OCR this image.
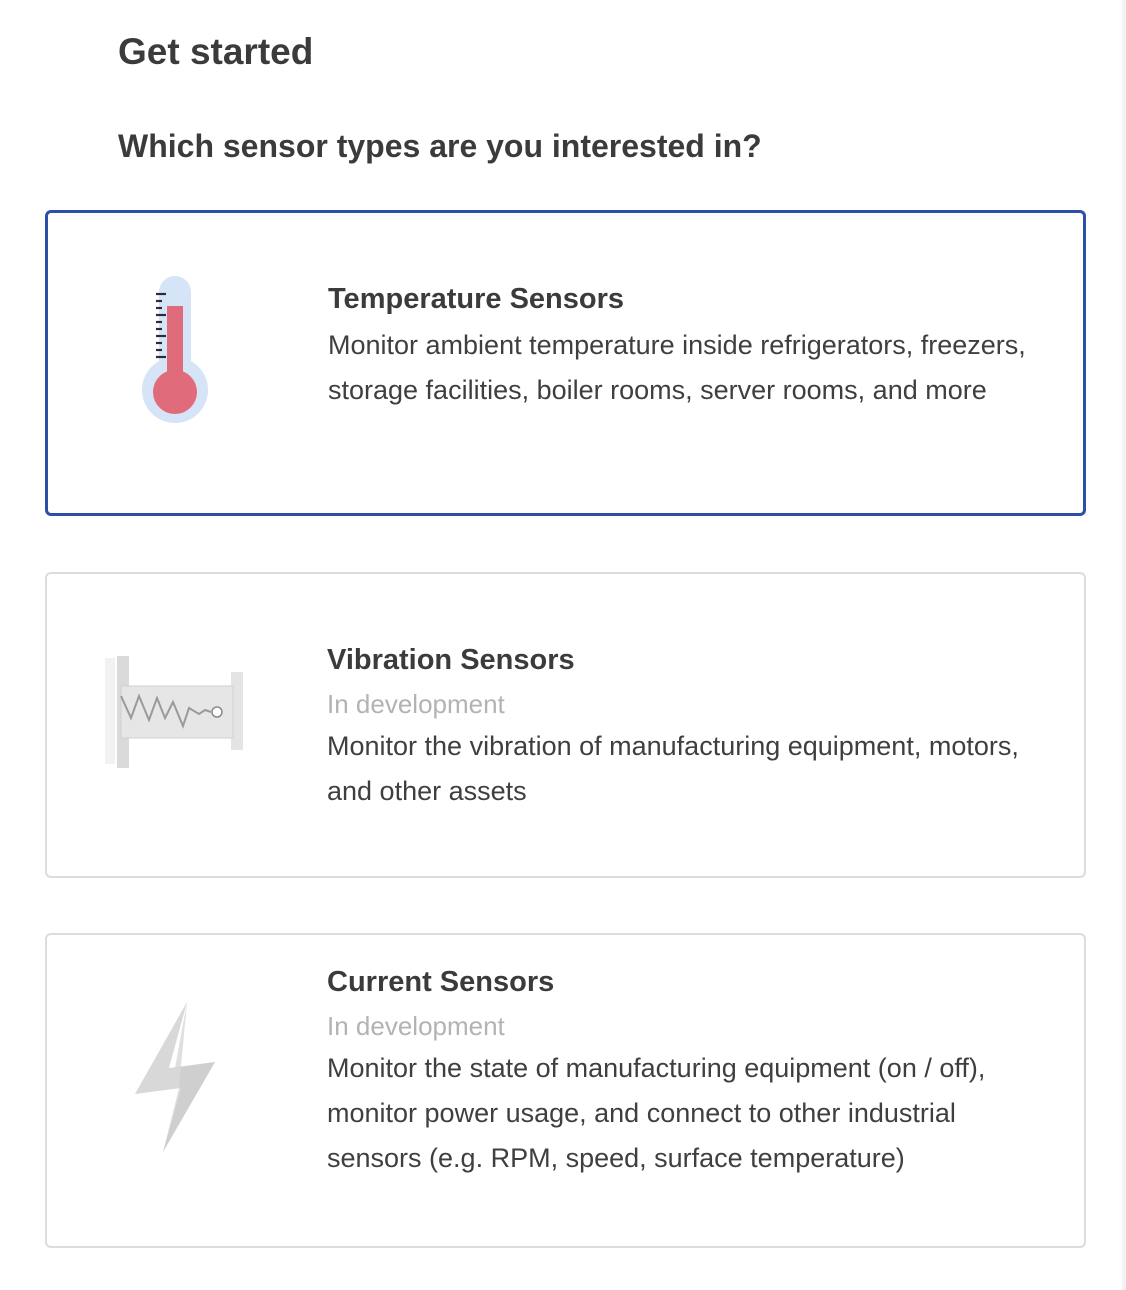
Get started
Which sensor types are you interested in?

Temperature Sensors

Monitor ambient temperature inside refrigerators, freezers, storage facilities, boiler rooms, server rooms, and more

Vibration Sensors

In development

Monitor the vibration of manufacturing equipment, motors, and other assets

Current Sensors

In development

Monitor the state of manufacturing equipment (on / off), monitor power usage, and connect to other industrial sensors (e.g. RPM, speed, surface temperature)
